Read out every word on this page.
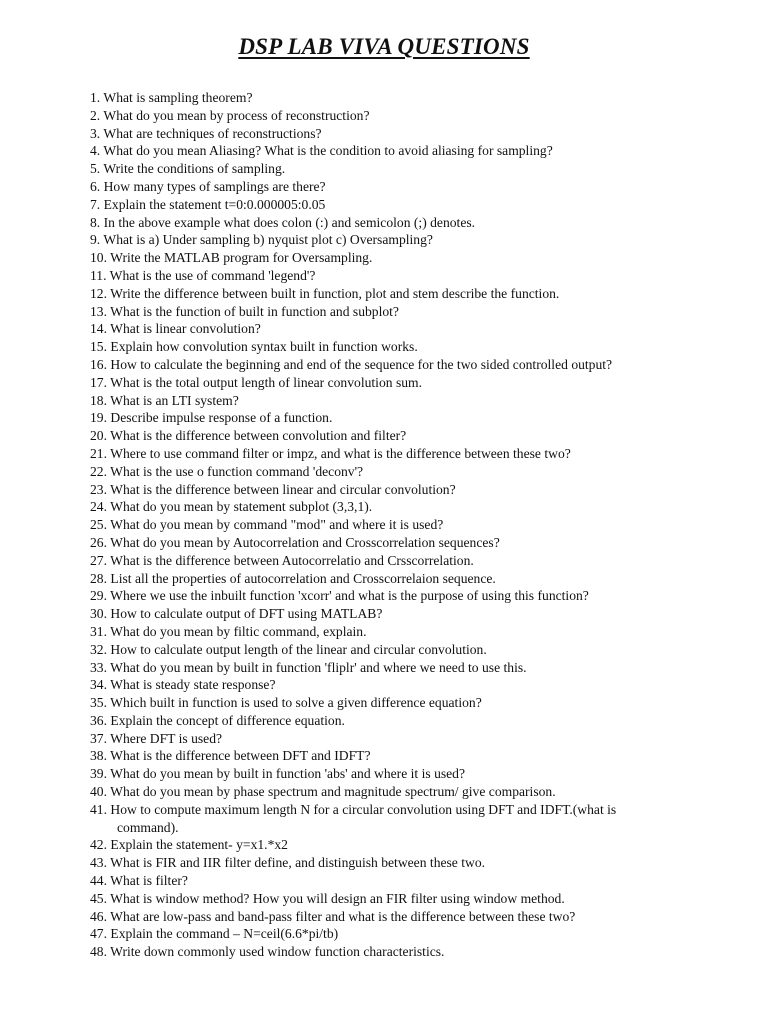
DSP LAB VIVA QUESTIONS
1. What is sampling theorem?
2. What do you mean by process of reconstruction?
3. What are techniques of reconstructions?
4. What do you mean Aliasing? What is the condition to avoid aliasing for sampling?
5. Write the conditions of sampling.
6. How many types of samplings are there?
7. Explain the statement t=0:0.000005:0.05
8. In the above example what does colon (:) and semicolon (;) denotes.
9. What is a) Under sampling b) nyquist plot c) Oversampling?
10. Write the MATLAB program for Oversampling.
11. What is the use of command 'legend'?
12. Write the difference between built in function, plot and stem describe the function.
13. What is the function of built in function and subplot?
14. What is linear convolution?
15. Explain how convolution syntax built in function works.
16. How to calculate the beginning and end of the sequence for the two sided controlled output?
17. What is the total output length of linear convolution sum.
18. What is an LTI system?
19. Describe impulse response of a function.
20. What is the difference between convolution and filter?
21. Where to use command filter or impz, and what is the difference between these two?
22. What is the use o function command 'deconv'?
23. What is the difference between linear and circular convolution?
24. What do you mean by statement subplot (3,3,1).
25. What do you mean by command "mod" and where it is used?
26. What do you mean by Autocorrelation and Crosscorrelation sequences?
27. What is the difference between Autocorrelatio and Crsscorrelation.
28. List all the properties of autocorrelation and Crosscorrelaion sequence.
29. Where we use the inbuilt function 'xcorr' and what is the purpose of using this function?
30. How to calculate output of DFT using MATLAB?
31. What do you mean by filtic command, explain.
32. How to calculate output length of the linear and circular convolution.
33. What do you mean by built in function 'fliplr' and where we need to use this.
34. What is steady state response?
35. Which built in function is used to solve a given difference equation?
36. Explain the concept of difference equation.
37. Where DFT is used?
38. What is the difference between DFT and IDFT?
39. What do you mean by built in function 'abs' and where it is used?
40. What do you mean by phase spectrum and magnitude spectrum/ give comparison.
41. How to compute maximum length N for a circular convolution using DFT and IDFT.(what is
command).
42. Explain the statement- y=x1.*x2
43. What is FIR and IIR filter define, and distinguish between these two.
44. What is filter?
45. What is window method? How you will design an FIR filter using window method.
46. What are low-pass and band-pass filter and what is the difference between these two?
47. Explain the command – N=ceil(6.6*pi/tb)
48. Write down commonly used window function characteristics.
